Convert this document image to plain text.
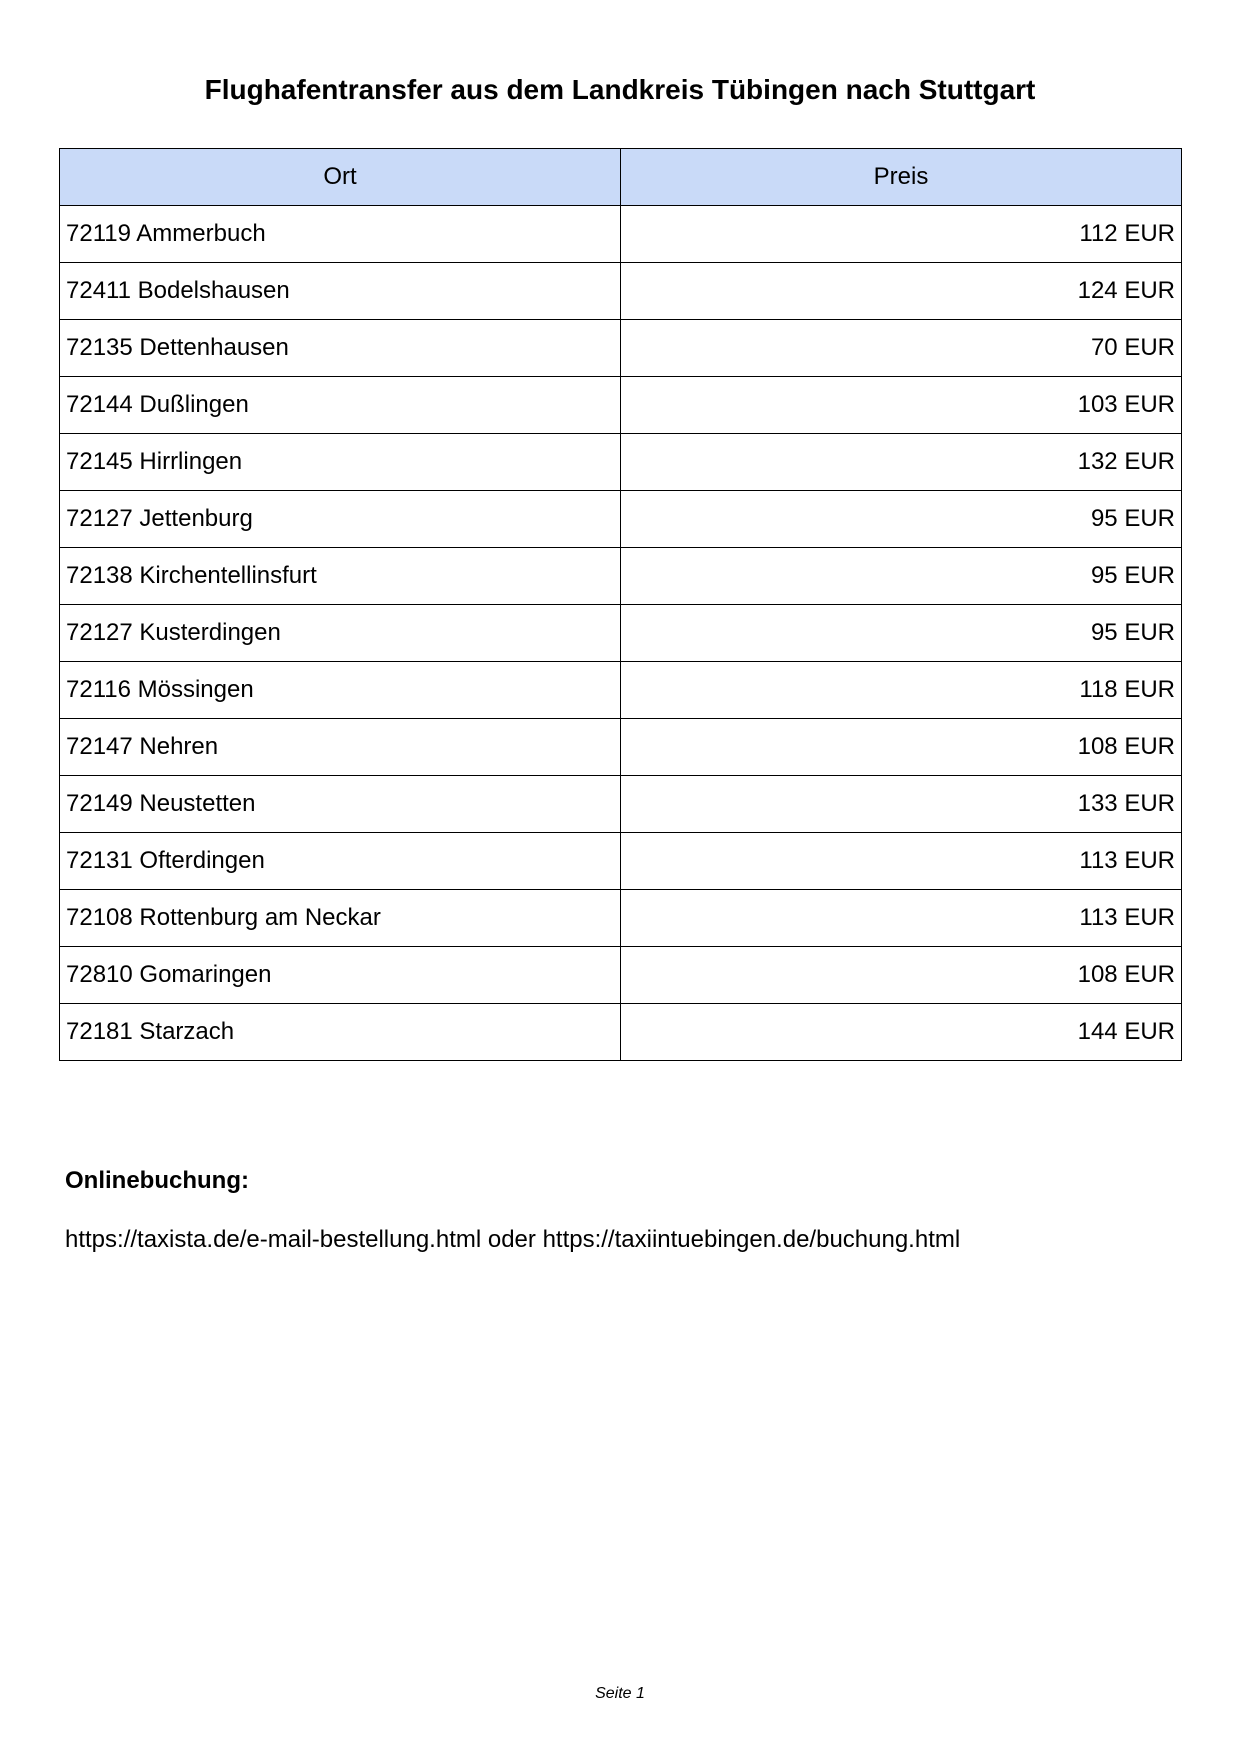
Flughafentransfer aus dem Landkreis Tübingen nach Stuttgart
Ort	Preis
72119 Ammerbuch	112 EUR
72411 Bodelshausen	124 EUR
72135 Dettenhausen	70 EUR
72144 Dußlingen	103 EUR
72145 Hirrlingen	132 EUR
72127 Jettenburg	95 EUR
72138 Kirchentellinsfurt	95 EUR
72127 Kusterdingen	95 EUR
72116 Mössingen	118 EUR
72147 Nehren	108 EUR
72149 Neustetten	133 EUR
72131 Ofterdingen	113 EUR
72108 Rottenburg am Neckar	113 EUR
72810 Gomaringen	108 EUR
72181 Starzach	144 EUR
Onlinebuchung:

https://taxista.de/e-mail-bestellung.html oder https://taxiintuebingen.de/buchung.html

Seite 1
